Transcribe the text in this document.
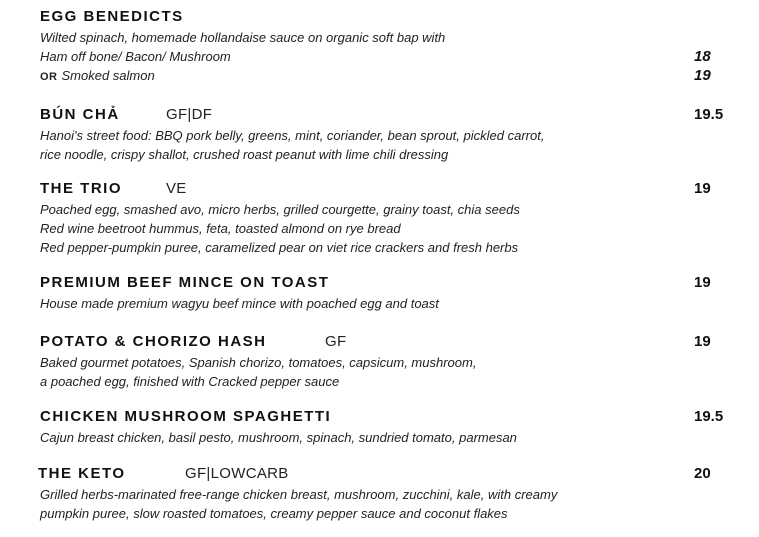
EGG BENEDICTS
Wilted spinach, homemade hollandaise sauce on organic soft bap with
Ham off bone/ Bacon/ Mushroom	18
OR Smoked salmon	19
BÚN CHẢ	GF|DF	19.5
Hanoi's street food: BBQ pork belly, greens, mint, coriander, bean sprout, pickled carrot,
rice noodle, crispy shallot, crushed roast peanut with lime chili dressing
THE TRIO	VE	19
Poached egg, smashed avo, micro herbs, grilled courgette, grainy toast, chia seeds
Red wine beetroot hummus, feta, toasted almond on rye bread
Red pepper-pumpkin puree, caramelized pear on viet rice crackers and fresh herbs
PREMIUM BEEF MINCE ON TOAST	19
House made premium wagyu beef mince with poached egg and toast
POTATO & CHORIZO HASH	GF	19
Baked gourmet potatoes, Spanish chorizo, tomatoes, capsicum, mushroom,
a poached egg, finished with Cracked pepper sauce
CHICKEN MUSHROOM SPAGHETTI	19.5
Cajun breast chicken, basil pesto, mushroom, spinach, sundried tomato, parmesan
THE KETO	GF|LOWCARB	20
Grilled herbs-marinated free-range chicken breast, mushroom, zucchini, kale, with creamy
pumpkin puree, slow roasted tomatoes, creamy pepper sauce and coconut flakes
